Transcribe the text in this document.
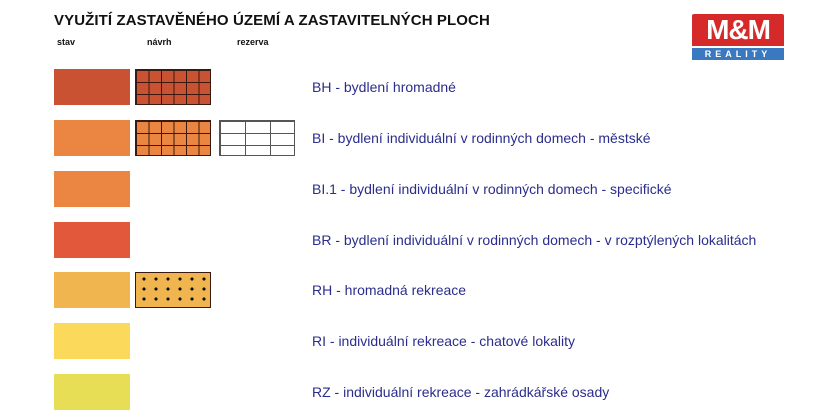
VYUŽITÍ ZASTAVĚNÉHO ÚZEMÍ A ZASTAVITELNÝCH PLOCH
stav	návrh	rezerva	M&M
REALITY
BH - bydlení hromadné
BI - bydlení individuální v rodinných domech - městské
BI.1 - bydlení individuální v rodinných domech - specifické
BR - bydlení individuální v rodinných domech - v rozptýlených lokalitách
RH - hromadná rekreace
RI - individuální rekreace - chatové lokality
RZ - individuální rekreace - zahrádkářské osady
